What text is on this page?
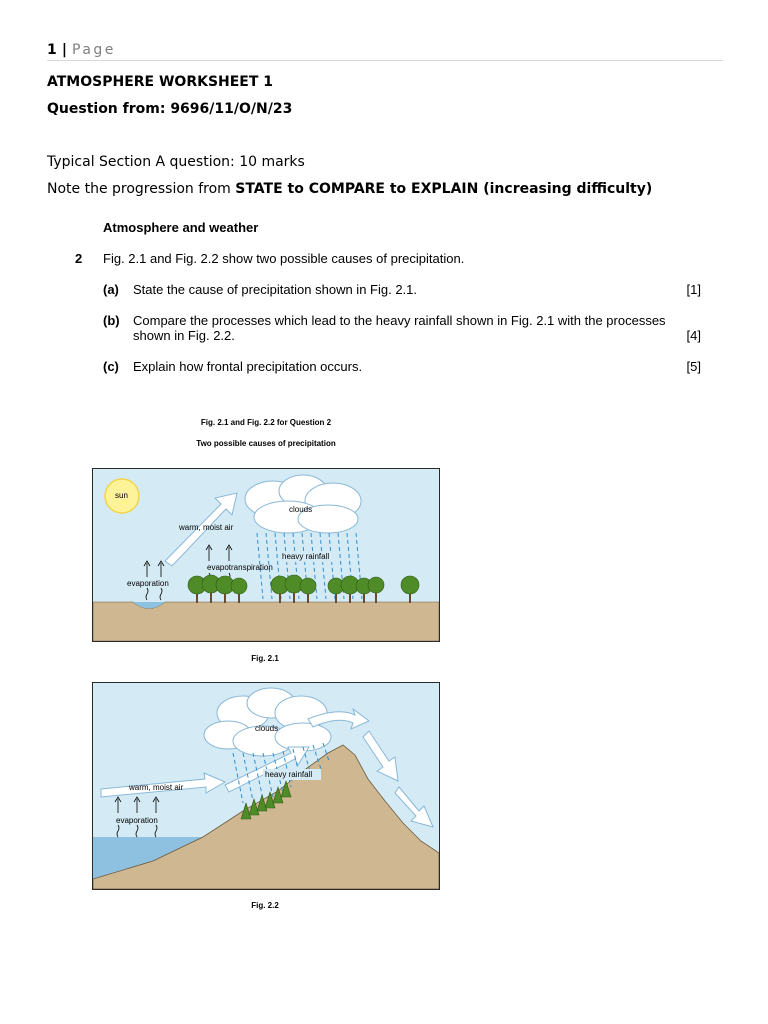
1 | Page
ATMOSPHERE WORKSHEET 1
Question from: 9696/11/O/N/23
Typical Section A question: 10 marks
Note the progression from STATE to COMPARE to EXPLAIN (increasing difficulty)
Atmosphere and weather
2 Fig. 2.1 and Fig. 2.2 show two possible causes of precipitation.
(a) State the cause of precipitation shown in Fig. 2.1.	[1]
(b) Compare the processes which lead to the heavy rainfall shown in Fig. 2.1 with the processes shown in Fig. 2.2.	[4]
(c) Explain how frontal precipitation occurs.	[5]
Fig. 2.1 and Fig. 2.2 for Question 2
Two possible causes of precipitation
sun
clouds
warm, moist air
heavy rainfall
evapotranspiration
evaporation
Fig. 2.1
clouds
warm, moist air
heavy rainfall
evaporation
Fig. 2.2
